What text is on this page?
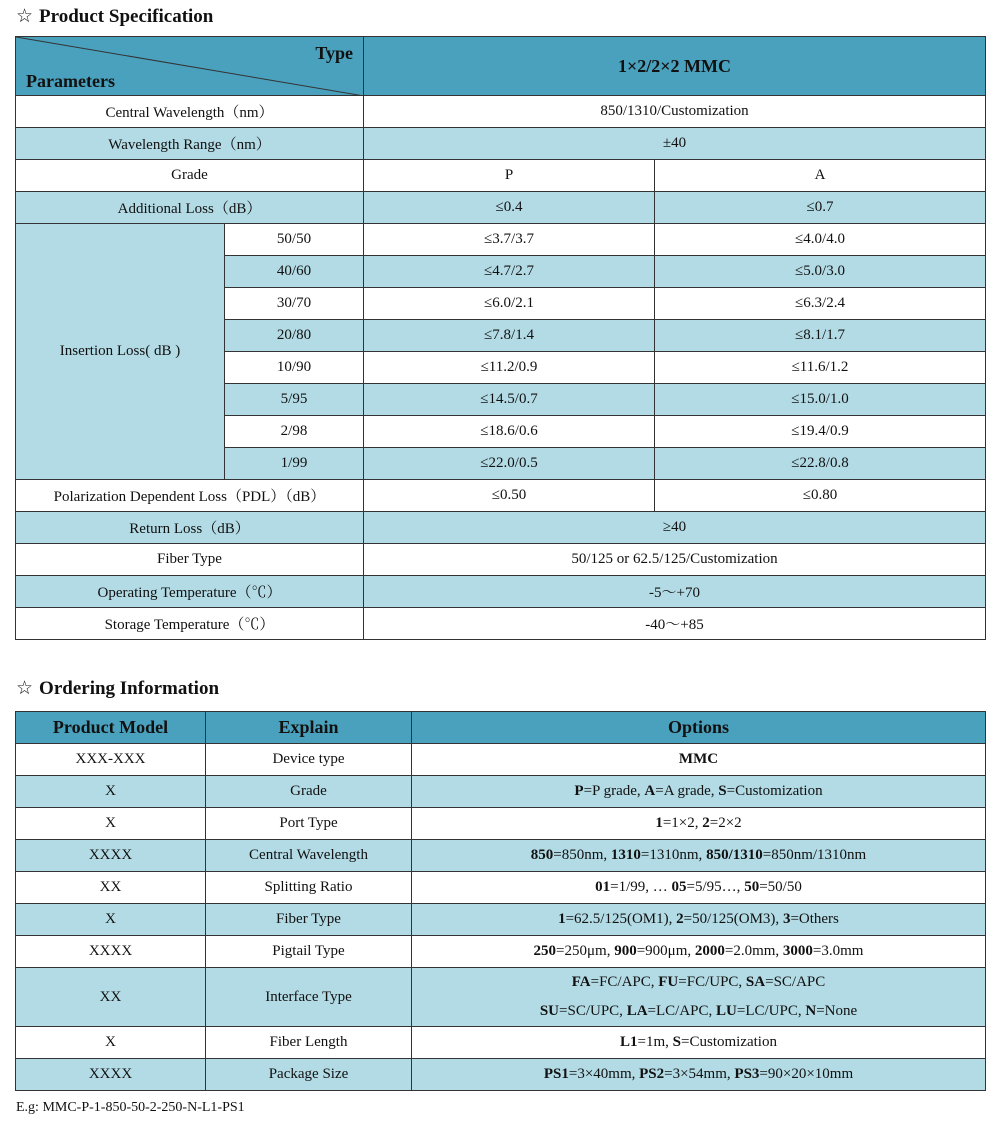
☆ Product Specification
Type
Parameters		1×2/2×2 MMC	
Central Wavelength（nm）		850/1310/Customization	
Wavelength Range（nm）		±40	
Grade		P	A
Additional Loss（dB）		≤0.4	≤0.7
Insertion Loss( dB )	50/50	≤3.7/3.7	≤4.0/4.0
	40/60	≤4.7/2.7	≤5.0/3.0
	30/70	≤6.0/2.1	≤6.3/2.4
	20/80	≤7.8/1.4	≤8.1/1.7
	10/90	≤11.2/0.9	≤11.6/1.2
	5/95	≤14.5/0.7	≤15.0/1.0
	2/98	≤18.6/0.6	≤19.4/0.9
	1/99	≤22.0/0.5	≤22.8/0.8
Polarization Dependent Loss（PDL）（dB）		≤0.50	≤0.80
Return Loss（dB）		≥40	
Fiber Type		50/125 or 62.5/125/Customization	
Operating Temperature（℃）		-5～+70	
Storage Temperature（℃）		-40～+85	
☆ Ordering Information
Product Model	Explain	Options
XXX-XXX	Device type	MMC
X	Grade	P=P grade, A=A grade, S=Customization
X	Port Type	1=1×2, 2=2×2
XXXX	Central Wavelength	850=850nm, 1310=1310nm, 850/1310=850nm/1310nm
XX	Splitting Ratio	01=1/99, … 05=5/95…, 50=50/50
X	Fiber Type	1=62.5/125(OM1), 2=50/125(OM3), 3=Others
XXXX	Pigtail Type	250=250μm, 900=900μm, 2000=2.0mm, 3000=3.0mm
XX	Interface Type	FA=FC/APC, FU=FC/UPC, SA=SC/APC
SU=SC/UPC, LA=LC/APC, LU=LC/UPC, N=None
X	Fiber Length	L1=1m, S=Customization
XXXX	Package Size	PS1=3×40mm, PS2=3×54mm, PS3=90×20×10mm
E.g: MMC-P-1-850-50-2-250-N-L1-PS1
